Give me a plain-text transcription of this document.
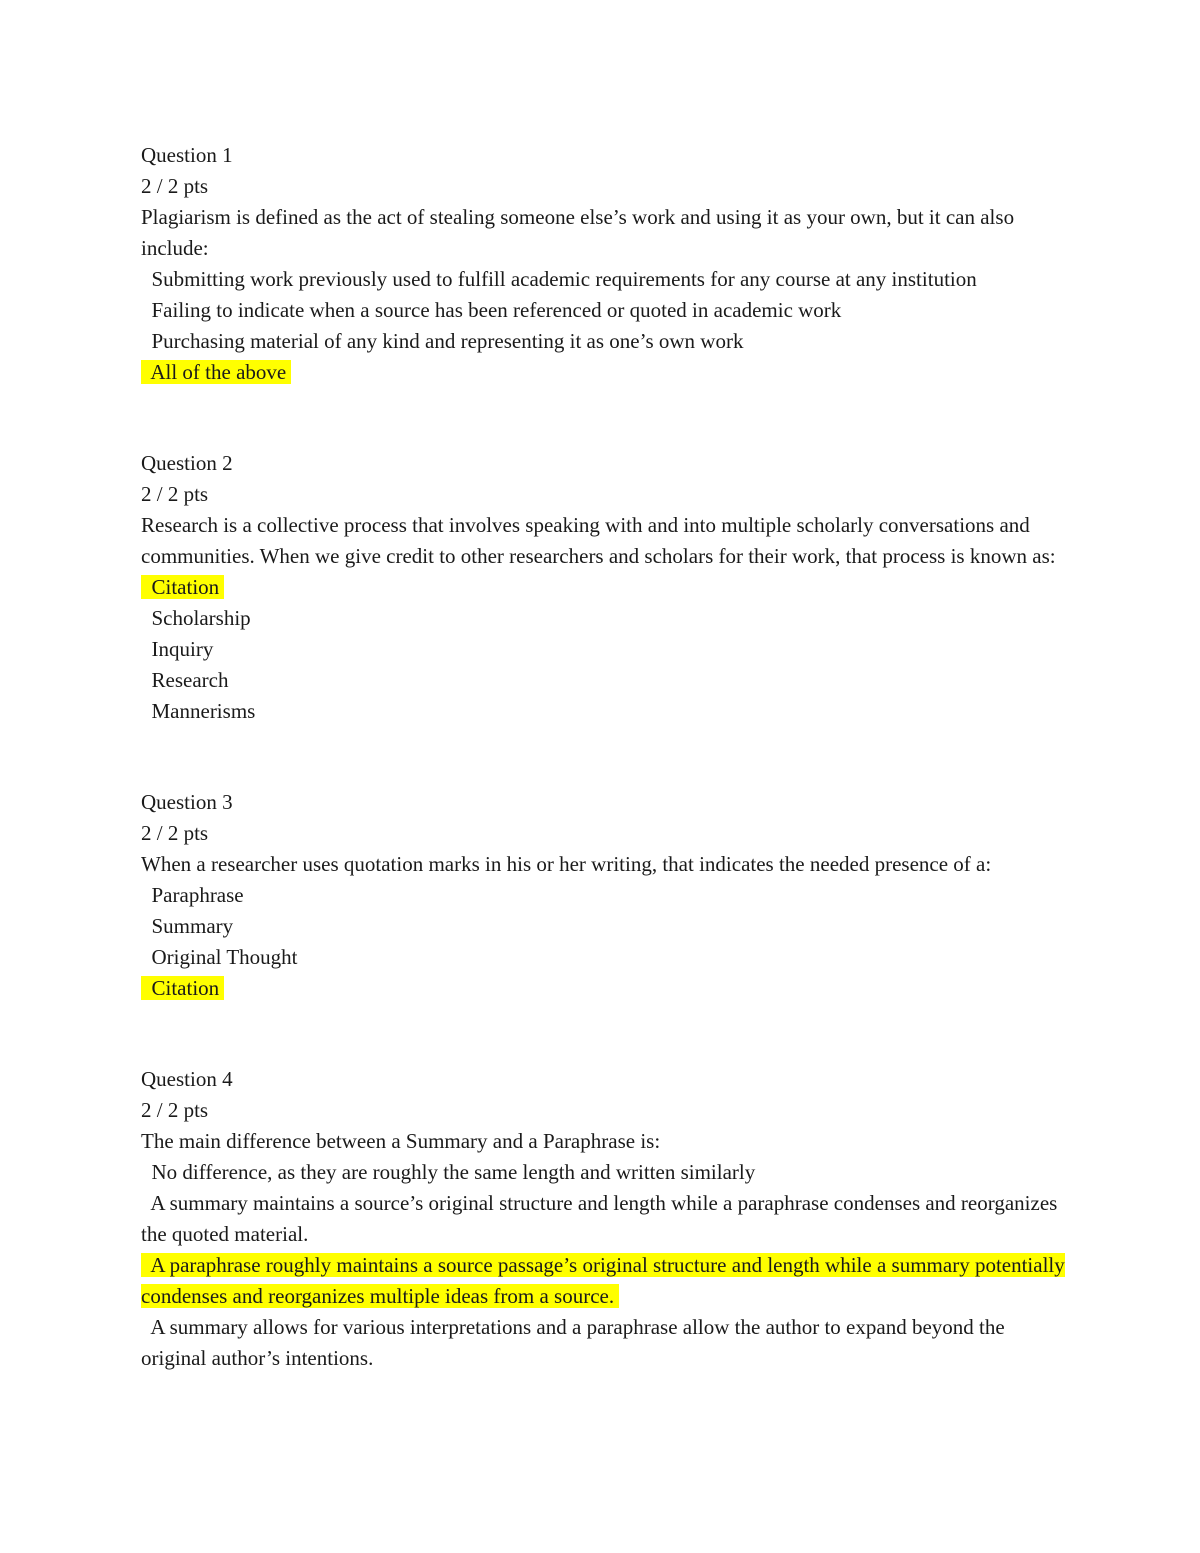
Question 1
2 / 2 pts
Plagiarism is defined as the act of stealing someone else’s work and using it as your own, but it can also include:
Submitting work previously used to fulfill academic requirements for any course at any institution
Failing to indicate when a source has been referenced or quoted in academic work
Purchasing material of any kind and representing it as one’s own work
All of the above
Question 2
2 / 2 pts
Research is a collective process that involves speaking with and into multiple scholarly conversations and communities. When we give credit to other researchers and scholars for their work, that process is known as:
Citation
Scholarship
Inquiry
Research
Mannerisms
Question 3
2 / 2 pts
When a researcher uses quotation marks in his or her writing, that indicates the needed presence of a:
Paraphrase
Summary
Original Thought
Citation
Question 4
2 / 2 pts
The main difference between a Summary and a Paraphrase is:
No difference, as they are roughly the same length and written similarly
A summary maintains a source’s original structure and length while a paraphrase condenses and reorganizes the quoted material.
A paraphrase roughly maintains a source passage’s original structure and length while a summary potentially condenses and reorganizes multiple ideas from a source.
A summary allows for various interpretations and a paraphrase allow the author to expand beyond the original author’s intentions.
